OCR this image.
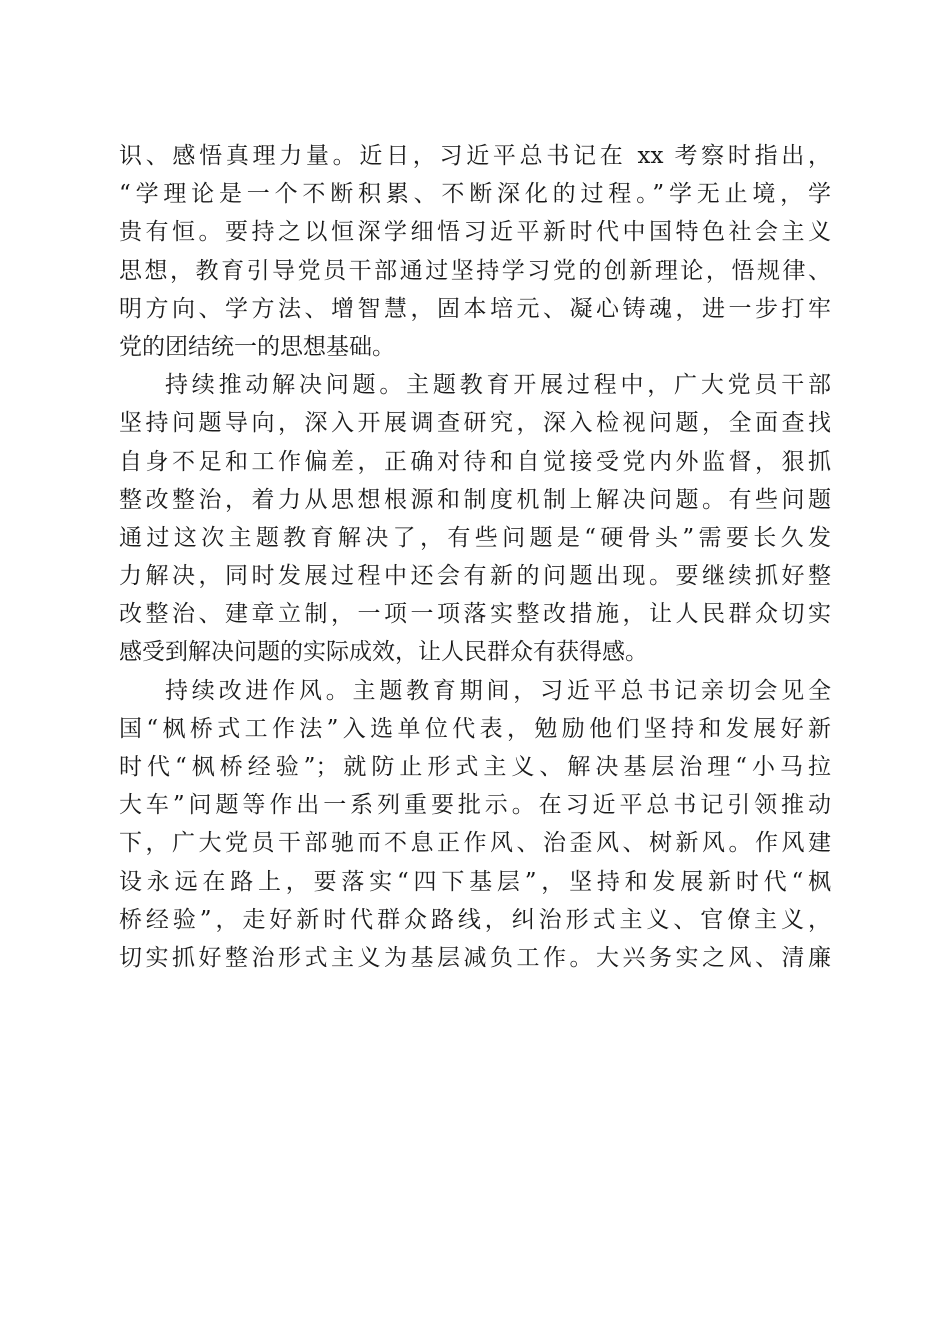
识、感悟真理力量。近日，习近平总书记在 xx 考察时指出，
“学理论是一个不断积累、不断深化的过程。”学无止境，学
贵有恒。要持之以恒深学细悟习近平新时代中国特色社会主义
思想，教育引导党员干部通过坚持学习党的创新理论，悟规律、
明方向、学方法、增智慧，固本培元、凝心铸魂，进一步打牢
党的团结统一的思想基础。
持续推动解决问题。主题教育开展过程中，广大党员干部
坚持问题导向，深入开展调查研究，深入检视问题，全面查找
自身不足和工作偏差，正确对待和自觉接受党内外监督，狠抓
整改整治，着力从思想根源和制度机制上解决问题。有些问题
通过这次主题教育解决了，有些问题是“硬骨头”需要长久发
力解决，同时发展过程中还会有新的问题出现。要继续抓好整
改整治、建章立制，一项一项落实整改措施，让人民群众切实
感受到解决问题的实际成效，让人民群众有获得感。
持续改进作风。主题教育期间，习近平总书记亲切会见全
国“枫桥式工作法”入选单位代表，勉励他们坚持和发展好新
时代“枫桥经验”；就防止形式主义、解决基层治理“小马拉
大车”问题等作出一系列重要批示。在习近平总书记引领推动
下，广大党员干部驰而不息正作风、治歪风、树新风。作风建
设永远在路上，要落实“四下基层”，坚持和发展新时代“枫
桥经验”，走好新时代群众路线，纠治形式主义、官僚主义，
切实抓好整治形式主义为基层减负工作。大兴务实之风、清廉
